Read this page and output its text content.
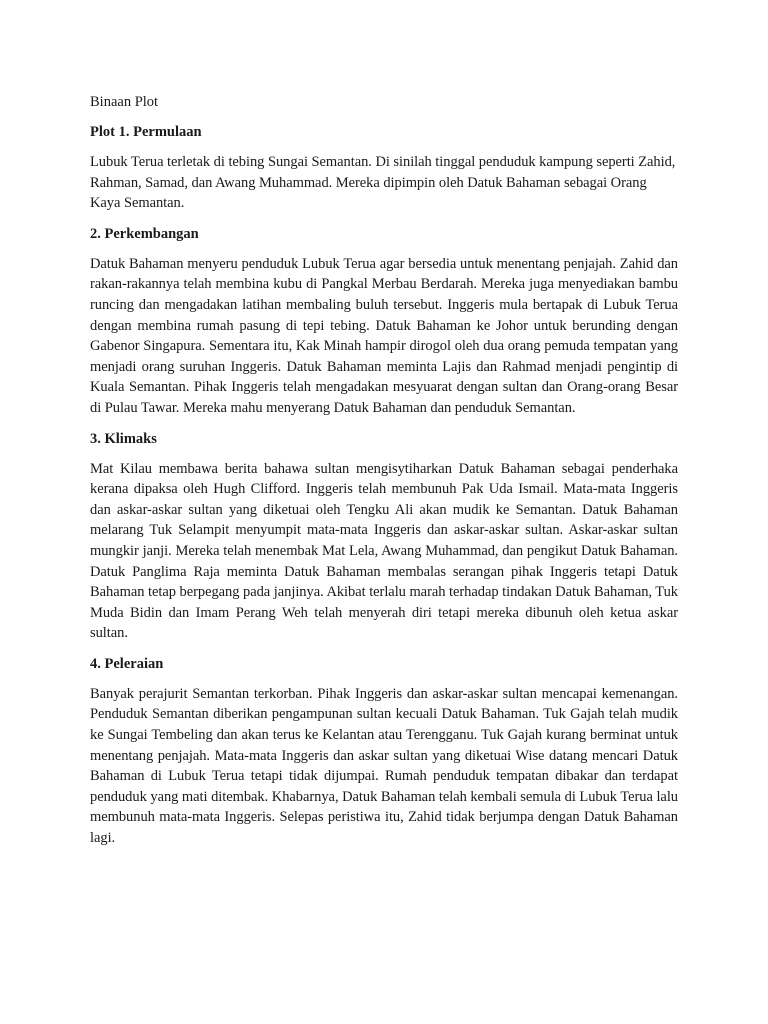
Binaan Plot
Plot 1. Permulaan
Lubuk Terua terletak di tebing Sungai Semantan. Di sinilah tinggal penduduk kampung seperti Zahid, Rahman, Samad, dan Awang Muhammad. Mereka dipimpin oleh Datuk Bahaman sebagai Orang Kaya Semantan.
2. Perkembangan
Datuk Bahaman menyeru penduduk Lubuk Terua agar bersedia untuk menentang penjajah. Zahid dan rakan-rakannya telah membina kubu di Pangkal Merbau Berdarah. Mereka juga menyediakan bambu runcing dan mengadakan latihan membaling buluh tersebut. Inggeris mula bertapak di Lubuk Terua dengan membina rumah pasung di tepi tebing. Datuk Bahaman ke Johor untuk berunding dengan Gabenor Singapura. Sementara itu, Kak Minah hampir dirogol oleh dua orang pemuda tempatan yang menjadi orang suruhan Inggeris. Datuk Bahaman meminta Lajis dan Rahmad menjadi pengintip di Kuala Semantan. Pihak Inggeris telah mengadakan mesyuarat dengan sultan dan Orang-orang Besar di Pulau Tawar. Mereka mahu menyerang Datuk Bahaman dan penduduk Semantan.
3. Klimaks
Mat Kilau membawa berita bahawa sultan mengisytiharkan Datuk Bahaman sebagai penderhaka kerana dipaksa oleh Hugh Clifford. Inggeris telah membunuh Pak Uda Ismail. Mata-mata Inggeris dan askar-askar sultan yang diketuai oleh Tengku Ali akan mudik ke Semantan. Datuk Bahaman melarang Tuk Selampit menyumpit mata-mata Inggeris dan askar-askar sultan. Askar-askar sultan mungkir janji. Mereka telah menembak Mat Lela, Awang Muhammad, dan pengikut Datuk Bahaman. Datuk Panglima Raja meminta Datuk Bahaman membalas serangan pihak Inggeris tetapi Datuk Bahaman tetap berpegang pada janjinya. Akibat terlalu marah terhadap tindakan Datuk Bahaman, Tuk Muda Bidin dan Imam Perang Weh telah menyerah diri tetapi mereka dibunuh oleh ketua askar sultan.
4. Peleraian
Banyak perajurit Semantan terkorban. Pihak Inggeris dan askar-askar sultan mencapai kemenangan. Penduduk Semantan diberikan pengampunan sultan kecuali Datuk Bahaman. Tuk Gajah telah mudik ke Sungai Tembeling dan akan terus ke Kelantan atau Terengganu. Tuk Gajah kurang berminat untuk menentang penjajah. Mata-mata Inggeris dan askar sultan yang diketuai Wise datang mencari Datuk Bahaman di Lubuk Terua tetapi tidak dijumpai. Rumah penduduk tempatan dibakar dan terdapat penduduk yang mati ditembak. Khabarnya, Datuk Bahaman telah kembali semula di Lubuk Terua lalu membunuh mata-mata Inggeris. Selepas peristiwa itu, Zahid tidak berjumpa dengan Datuk Bahaman lagi.
